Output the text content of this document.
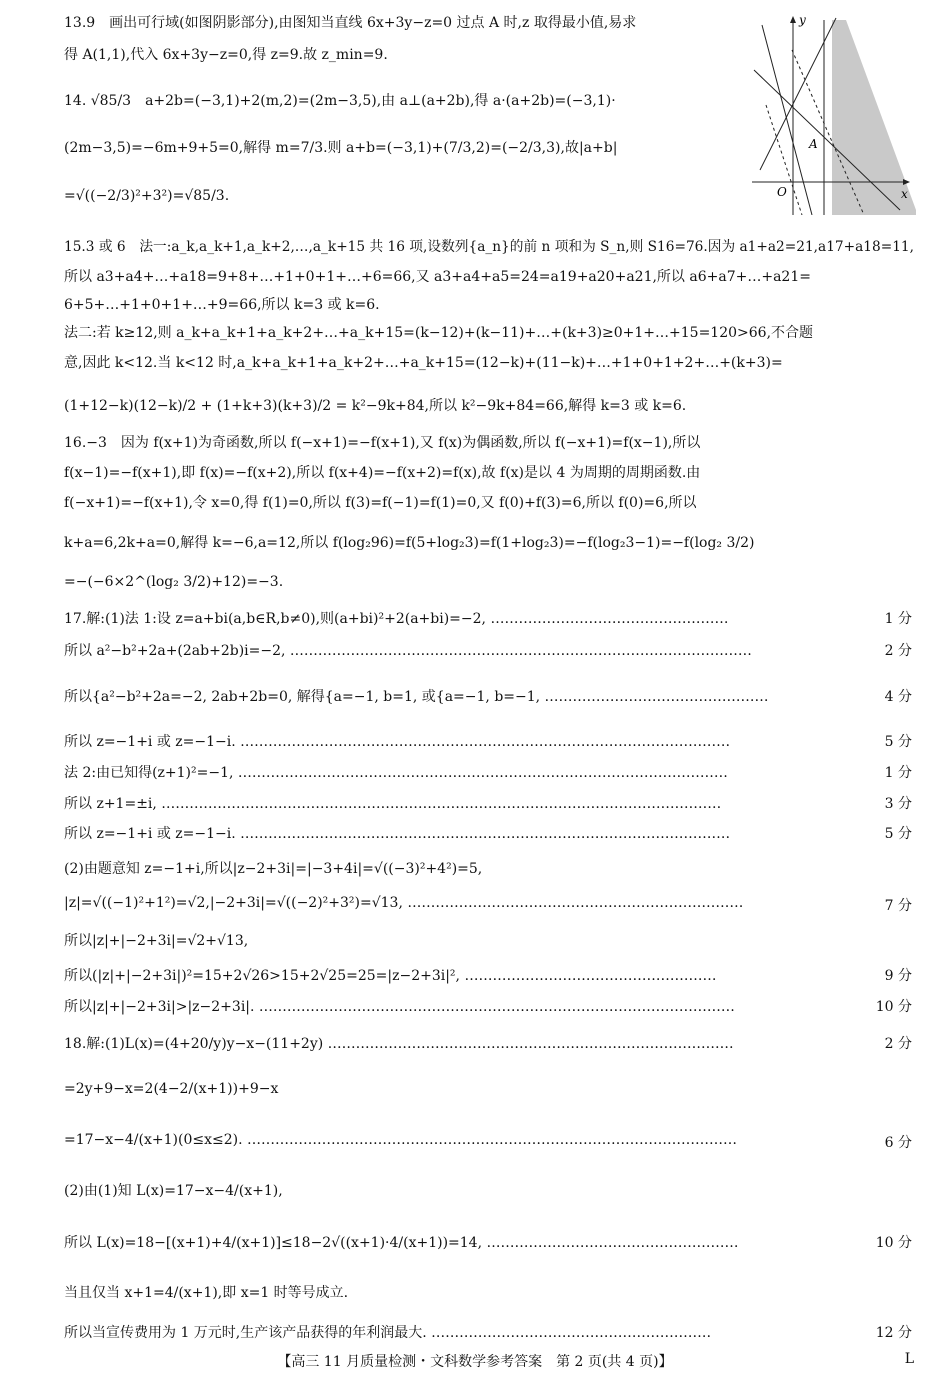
13.9　画出可行域(如图阴影部分),由图知当直线 6x+3y−z=0 过点 A 时,z 取得最小值,易求
得 A(1,1),代入 6x+3y−z=0,得 z=9.故 z_min=9.
14. √85/3　a+2b=(−3,1)+2(m,2)=(2m−3,5),由 a⊥(a+2b),得 a·(a+2b)=(−3,1)·
(2m−3,5)=−6m+9+5=0,解得 m=7/3.则 a+b=(−3,1)+(7/3,2)=(−2/3,3),故|a+b|
=√((−2/3)²+3²)=√85/3.
15.3 或 6　法一:a_k,a_k+1,a_k+2,…,a_k+15 共 16 项,设数列{a_n}的前 n 项和为 S_n,则 S16=76.因为 a1+a2=21,a17+a18=11,
所以 a3+a4+…+a18=9+8+…+1+0+1+…+6=66,又 a3+a4+a5=24=a19+a20+a21,所以 a6+a7+…+a21=
6+5+…+1+0+1+…+9=66,所以 k=3 或 k=6.
法二:若 k≥12,则 a_k+a_k+1+a_k+2+…+a_k+15=(k−12)+(k−11)+…+(k+3)≥0+1+…+15=120>66,不合题
意,因此 k<12.当 k<12 时,a_k+a_k+1+a_k+2+…+a_k+15=(12−k)+(11−k)+…+1+0+1+2+…+(k+3)=
(1+12−k)(12−k)/2 + (1+k+3)(k+3)/2 = k²−9k+84,所以 k²−9k+84=66,解得 k=3 或 k=6.
16.−3　因为 f(x+1)为奇函数,所以 f(−x+1)=−f(x+1),又 f(x)为偶函数,所以 f(−x+1)=f(x−1),所以
f(x−1)=−f(x+1),即 f(x)=−f(x+2),所以 f(x+4)=−f(x+2)=f(x),故 f(x)是以 4 为周期的周期函数.由
f(−x+1)=−f(x+1),令 x=0,得 f(1)=0,所以 f(3)=f(−1)=f(1)=0,又 f(0)+f(3)=6,所以 f(0)=6,所以
k+a=6,2k+a=0,解得 k=−6,a=12,所以 f(log₂96)=f(5+log₂3)=f(1+log₂3)=−f(log₂3−1)=−f(log₂ 3/2)
=−(−6×2^(log₂ 3/2)+12)=−3.
17.解:(1)法 1:设 z=a+bi(a,b∈R,b≠0),则(a+bi)²+2(a+bi)=−2, ……………………………………………	1 分
所以 a²−b²+2a+(2ab+2b)i=−2, ………………………………………………………………………………………	2 分
所以{a²−b²+2a=−2, 2ab+2b=0, 解得{a=−1, b=1, 或{a=−1, b=−1, …………………………………………	4 分
所以 z=−1+i 或 z=−1−i. ……………………………………………………………………………………………	5 分
法 2:由已知得(z+1)²=−1, ……………………………………………………………………………………………	1 分
所以 z+1=±i, …………………………………………………………………………………………………………	3 分
所以 z=−1+i 或 z=−1−i. ……………………………………………………………………………………………	5 分
(2)由题意知 z=−1+i,所以|z−2+3i|=|−3+4i|=√((−3)²+4²)=5,
|z|=√((−1)²+1²)=√2,|−2+3i|=√((−2)²+3²)=√13, ………………………………………………………………	7 分
所以|z|+|−2+3i|=√2+√13,
所以(|z|+|−2+3i|)²=15+2√26>15+2√25=25=|z−2+3i|², ………………………………………………	9 分
所以|z|+|−2+3i|>|z−2+3i|. …………………………………………………………………………………………	10 分
18.解:(1)L(x)=(4+20/y)y−x−(11+2y) ……………………………………………………………………………	2 分
=2y+9−x=2(4−2/(x+1))+9−x
=17−x−4/(x+1)(0≤x≤2). ……………………………………………………………………………………………	6 分
(2)由(1)知 L(x)=17−x−4/(x+1),
所以 L(x)=18−[(x+1)+4/(x+1)]≤18−2√((x+1)·4/(x+1))=14, ………………………………………………	10 分
当且仅当 x+1=4/(x+1),即 x=1 时等号成立.
所以当宣传费用为 1 万元时,生产该产品获得的年利润最大. ……………………………………………………	12 分
y
x
O
A
【高三 11 月质量检测・文科数学参考答案　第 2 页(共 4 页)】	L
